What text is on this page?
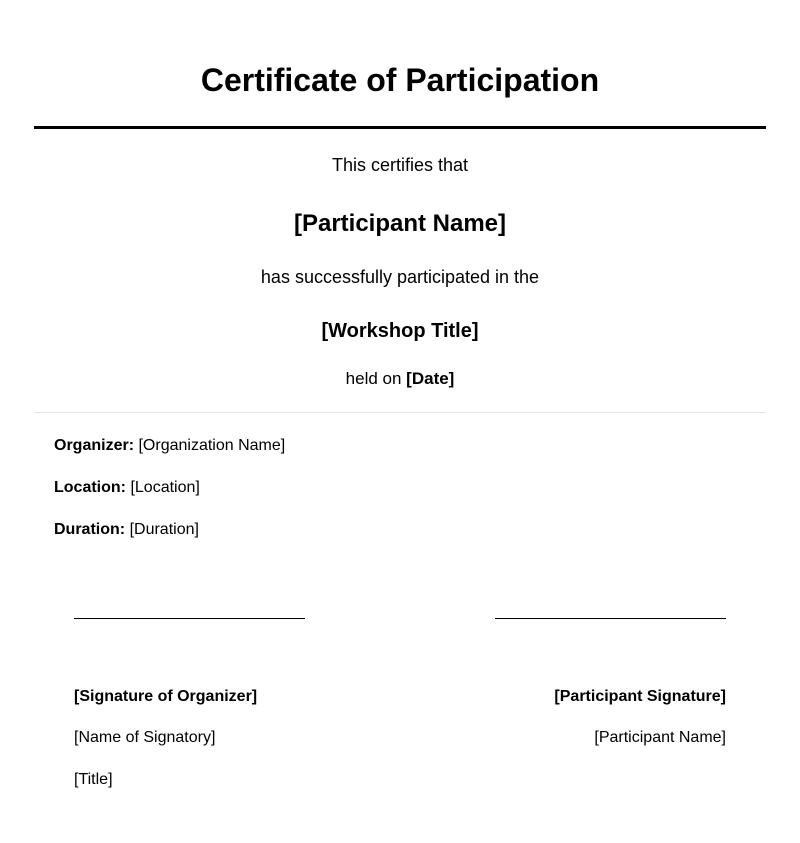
Certificate of Participation
This certifies that
[Participant Name]
has successfully participated in the
[Workshop Title]
held on [Date]
Organizer: [Organization Name]
Location: [Location]
Duration: [Duration]
[Signature of Organizer]
[Name of Signatory]
[Title]
[Participant Signature]
[Participant Name]
